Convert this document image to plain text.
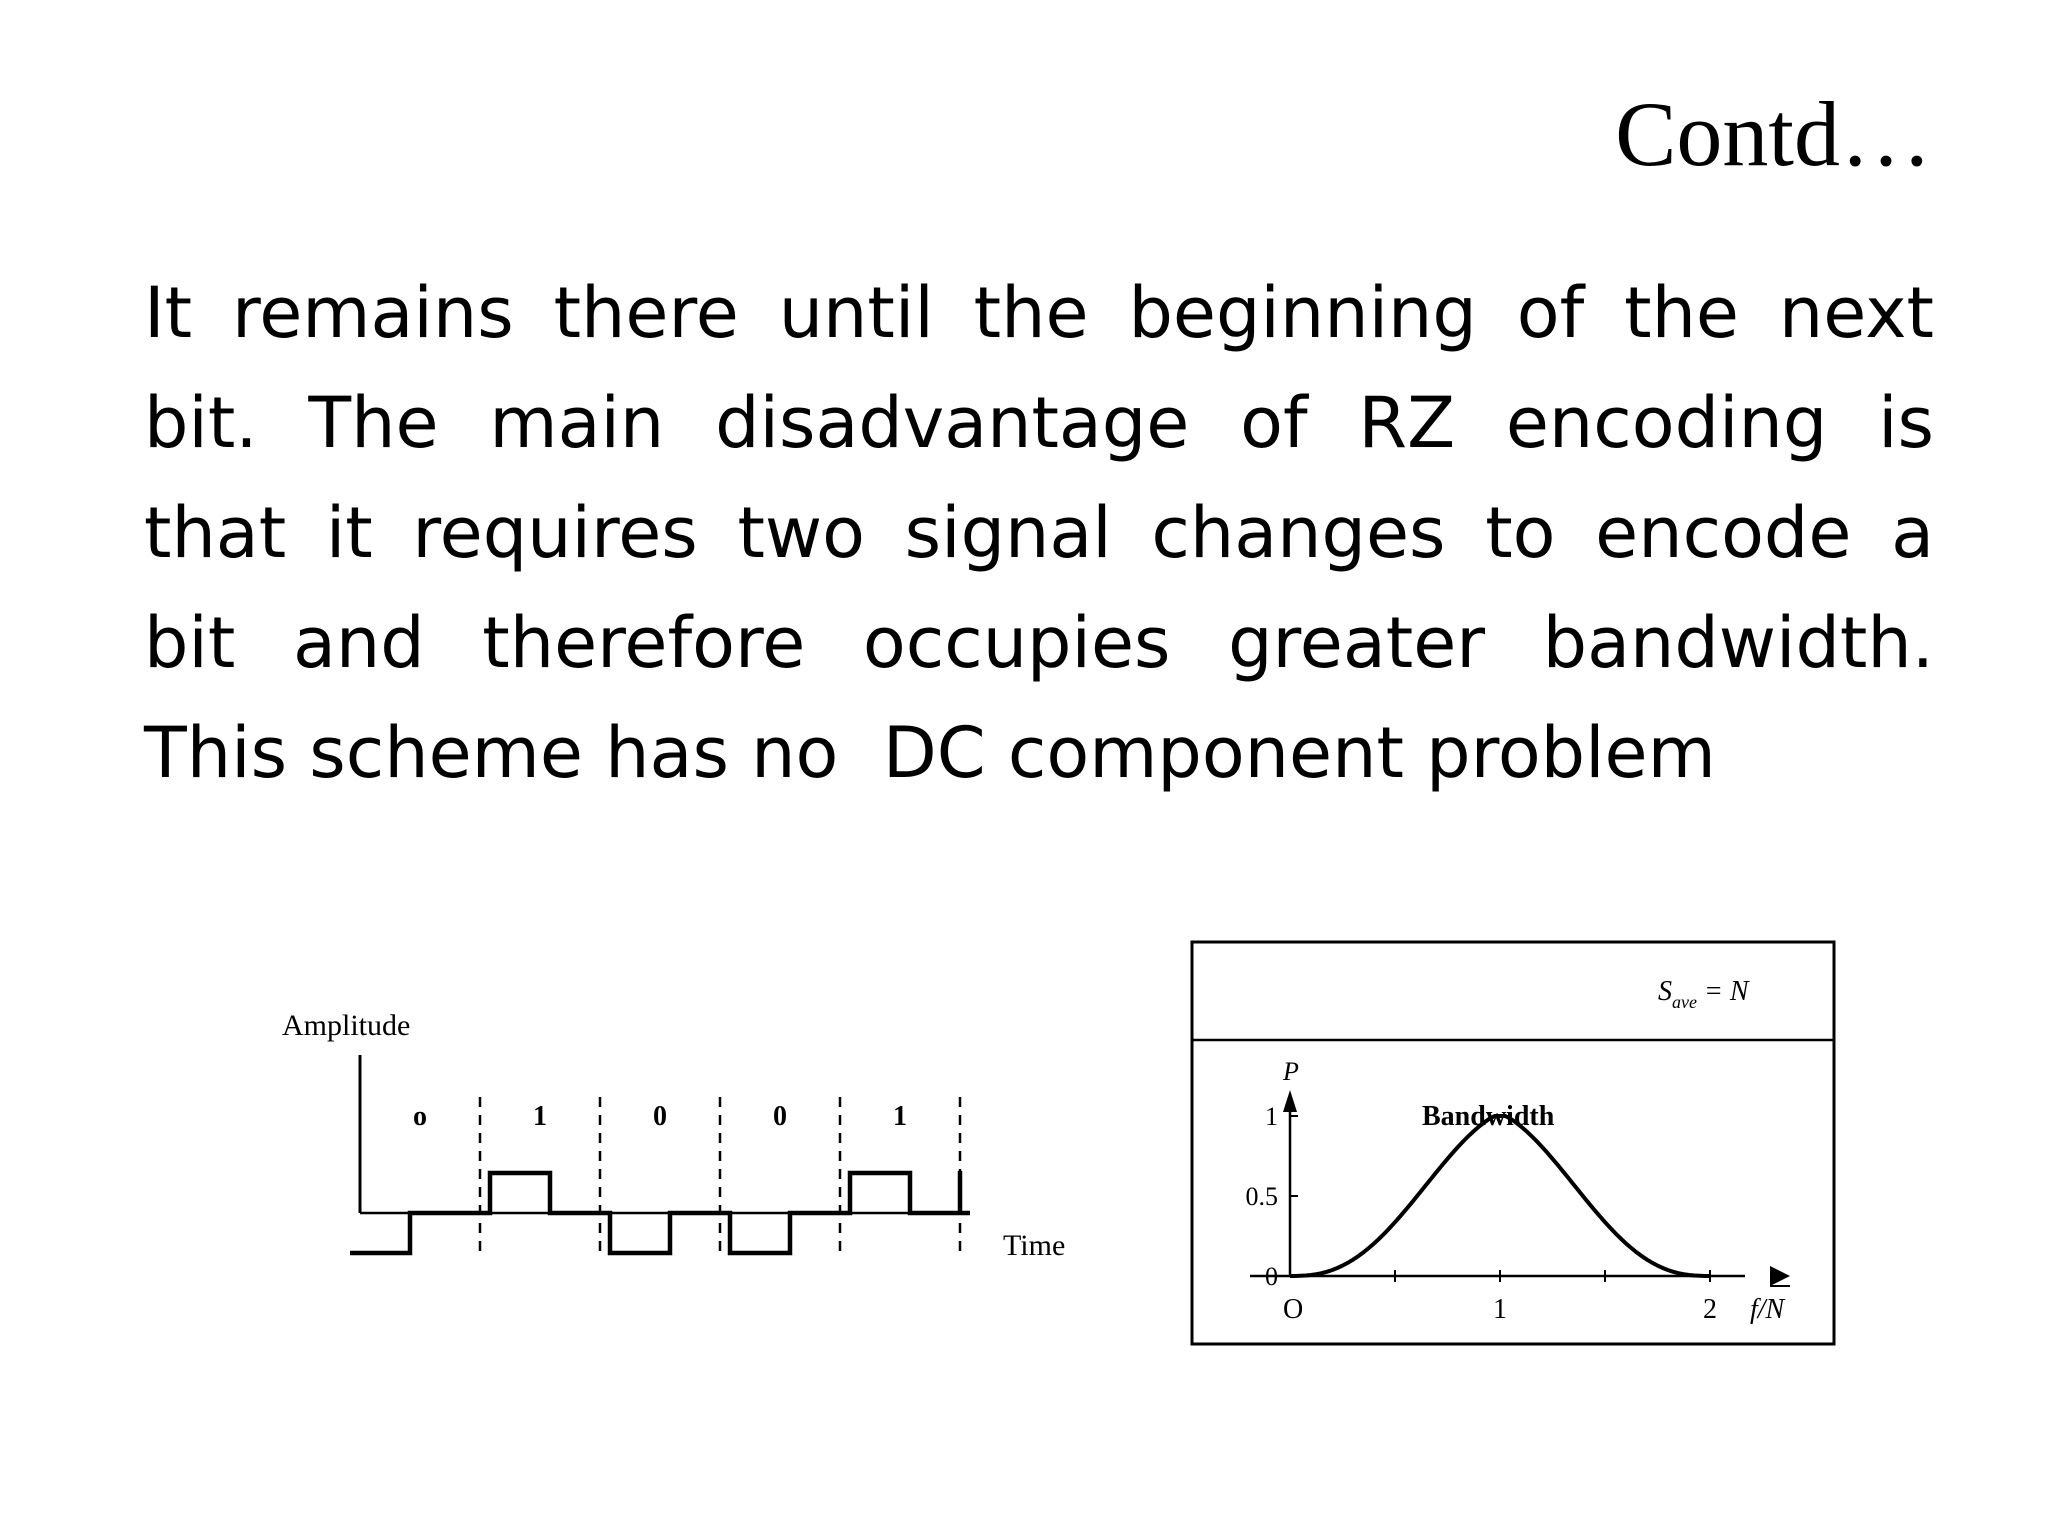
Contd…
It remains there until the beginning of the next
bit. The main disadvantage of RZ encoding is
that it requires two signal changes to encode a
bit and therefore occupies greater bandwidth.
This scheme has no  DC component problem
Amplitude
o	1	0	0	1
Time
$S_{ave} = N$
P
1
0.5
0
1	2
O	f/N
Bandwidth
